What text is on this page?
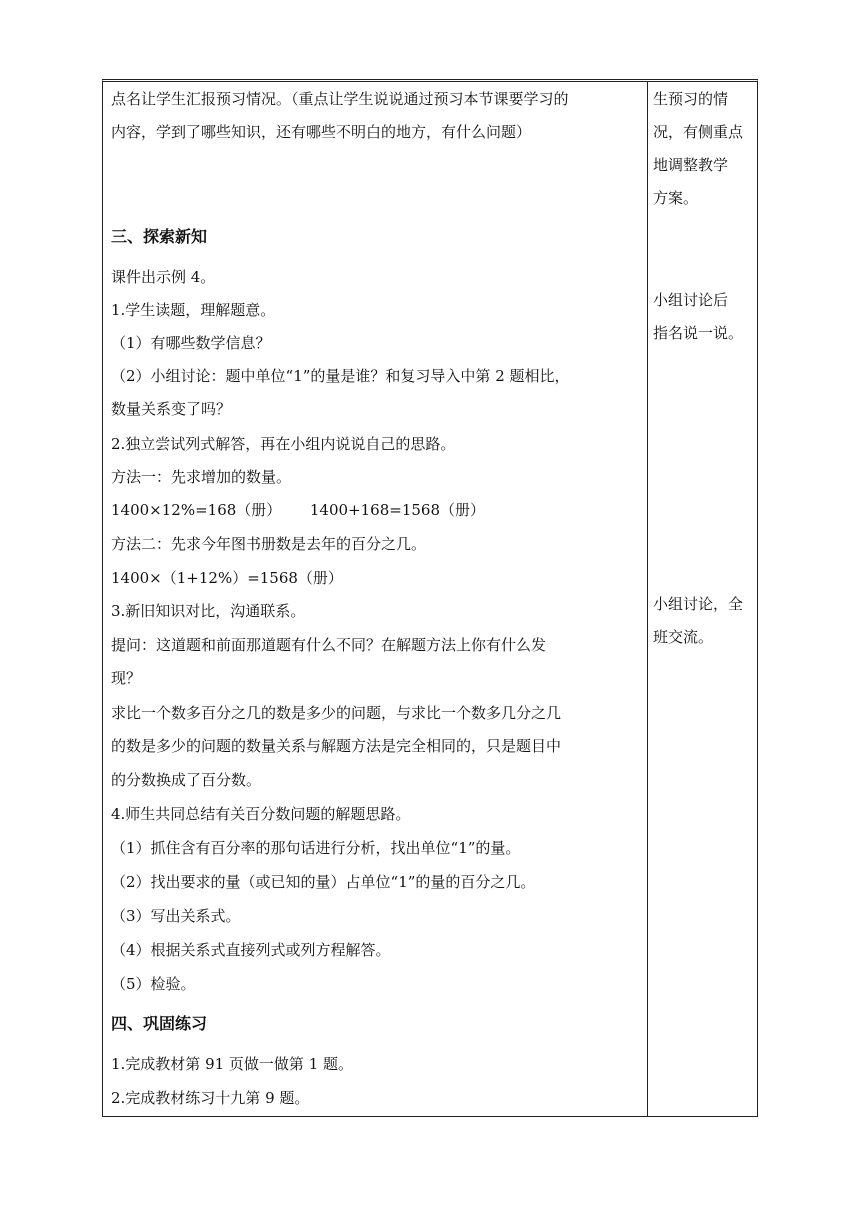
点名让学生汇报预习情况。（重点让学生说说通过预习本节课要学习的
内容，学到了哪些知识，还有哪些不明白的地方，有什么问题）
三、探索新知
课件出示例 4。
1.学生读题，理解题意。
（1）有哪些数学信息？
（2）小组讨论：题中单位“1”的量是谁？和复习导入中第 2 题相比，
数量关系变了吗？
2.独立尝试列式解答，再在小组内说说自己的思路。
方法一：先求增加的数量。
1400×12%=168（册）      1400+168=1568（册）
方法二：先求今年图书册数是去年的百分之几。
1400×（1+12%）=1568（册）
3.新旧知识对比，沟通联系。
提问：这道题和前面那道题有什么不同？在解题方法上你有什么发
现？
求比一个数多百分之几的数是多少的问题，与求比一个数多几分之几
的数是多少的问题的数量关系与解题方法是完全相同的，只是题目中
的分数换成了百分数。
4.师生共同总结有关百分数问题的解题思路。
（1）抓住含有百分率的那句话进行分析，找出单位“1”的量。
（2）找出要求的量（或已知的量）占单位“1”的量的百分之几。
（3）写出关系式。
（4）根据关系式直接列式或列方程解答。
（5）检验。
四、巩固练习
1.完成教材第 91 页做一做第 1 题。
2.完成教材练习十九第 9 题。
生预习的情
况，有侧重点
地调整教学
方案。
小组讨论后
指名说一说。
小组讨论，全
班交流。
